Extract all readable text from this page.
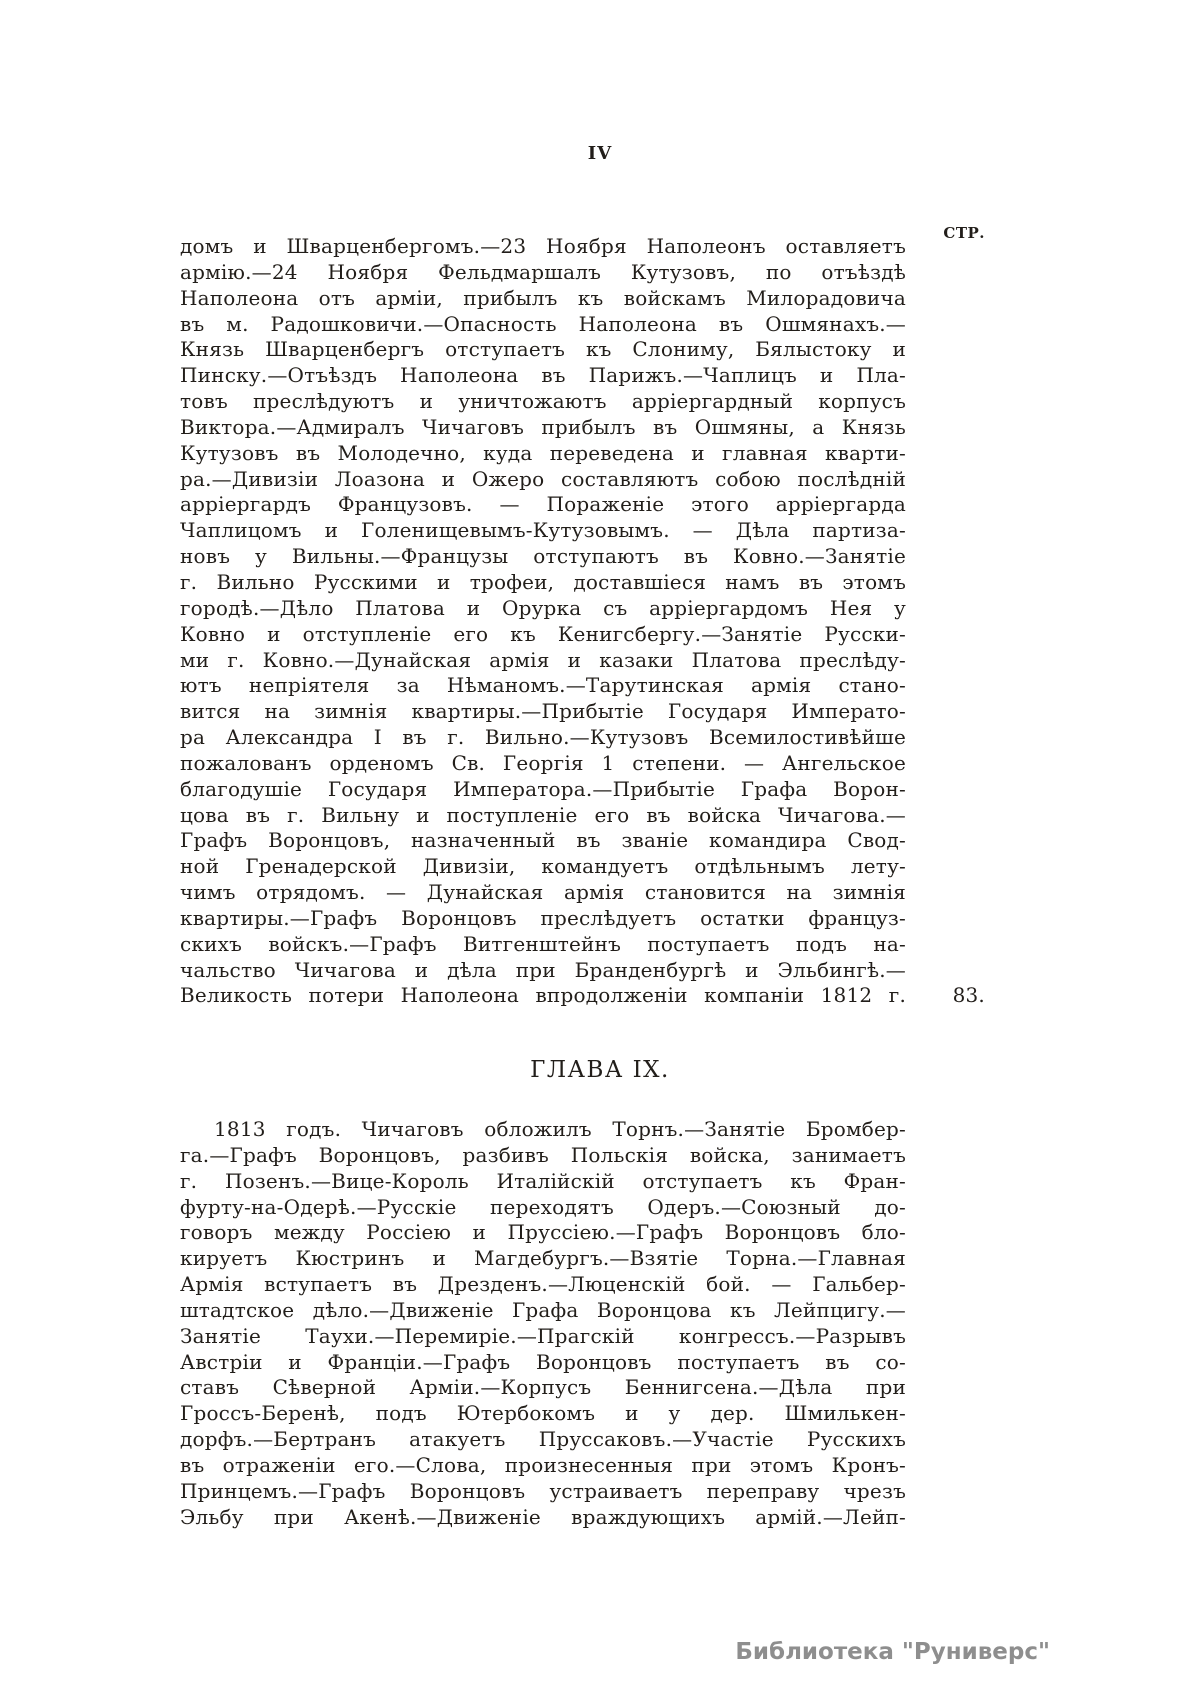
IV
СТР.
домъ и Шварценбергомъ.—23 Ноября Наполеонъ оставляетъ
армію.—24 Ноября Фельдмаршалъ Кутузовъ, по отъѣздѣ
Наполеона отъ арміи, прибылъ къ войскамъ Милорадовича
въ м. Радошковичи.—Опасность Наполеона въ Ошмянахъ.—
Князь Шварценбергъ отступаетъ къ Слониму, Бялыстоку и
Пинску.—Отъѣздъ Наполеона въ Парижъ.—Чаплицъ и Пла-
товъ преслѣдуютъ и уничтожаютъ арріергардный корпусъ
Виктора.—Адмиралъ Чичаговъ прибылъ въ Ошмяны, а Князь
Кутузовъ въ Молодечно, куда переведена и главная кварти-
ра.—Дивизіи Лоазона и Ожеро составляютъ собою послѣдній
арріергардъ Французовъ. — Пораженіе этого арріергарда
Чаплицомъ и Голенищевымъ-Кутузовымъ. — Дѣла партиза-
новъ у Вильны.—Французы отступаютъ въ Ковно.—Занятіе
г. Вильно Русскими и трофеи, доставшіеся намъ въ этомъ
городѣ.—Дѣло Платова и Орурка съ арріергардомъ Нея у
Ковно и отступленіе его къ Кенигсбергу.—Занятіе Русски-
ми г. Ковно.—Дунайская армія и казаки Платова преслѣду-
ютъ непріятеля за Нѣманомъ.—Тарутинская армія стано-
вится на зимнія квартиры.—Прибытіе Государя Императо-
ра Александра I въ г. Вильно.—Кутузовъ Всемилостивѣйше
пожалованъ орденомъ Св. Георгія 1 степени. — Ангельское
благодушіе Государя Императора.—Прибытіе Графа Ворон-
цова въ г. Вильну и поступленіе его въ войска Чичагова.—
Графъ Воронцовъ, назначенный въ званіе командира Свод-
ной Гренадерской Дивизіи, командуетъ отдѣльнымъ лету-
чимъ отрядомъ. — Дунайская армія становится на зимнія
квартиры.—Графъ Воронцовъ преслѣдуетъ остатки француз-
скихъ войскъ.—Графъ Витгенштейнъ поступаетъ подъ на-
чальство Чичагова и дѣла при Бранденбургѣ и Эльбингѣ.—
Великость потери Наполеона впродолженіи компаніи 1812 г. 83.
ГЛАВА IX.
1813 годъ. Чичаговъ обложилъ Торнъ.—Занятіе Бромбер-
га.—Графъ Воронцовъ, разбивъ Польскія войска, занимаетъ
г. Позенъ.—Вице-Король Италійскій отступаетъ къ Фран-
фурту-на-Одерѣ.—Русскіе переходятъ Одеръ.—Союзный до-
говоръ между Россіею и Пруссіею.—Графъ Воронцовъ бло-
кируетъ Кюстринъ и Магдебургъ.—Взятіе Торна.—Главная
Армія вступаетъ въ Дрезденъ.—Люценскій бой. — Гальбер-
штадтское дѣло.—Движеніе Графа Воронцова къ Лейпцигу.—
Занятіе Таухи.—Перемиріе.—Прагскій конгрессъ.—Разрывъ
Австріи и Франціи.—Графъ Воронцовъ поступаетъ въ со-
ставъ Сѣверной Арміи.—Корпусъ Беннигсена.—Дѣла при
Гроссъ-Беренѣ, подъ Ютербокомъ и у дер. Шмилькен-
дорфъ.—Бертранъ атакуетъ Пруссаковъ.—Участіе Русскихъ
въ отраженіи его.—Слова, произнесенныя при этомъ Кронъ-
Принцемъ.—Графъ Воронцовъ устраиваетъ переправу чрезъ
Эльбу при Акенѣ.—Движеніе враждующихъ армій.—Лейп-
Библиотека "Руниверс"
